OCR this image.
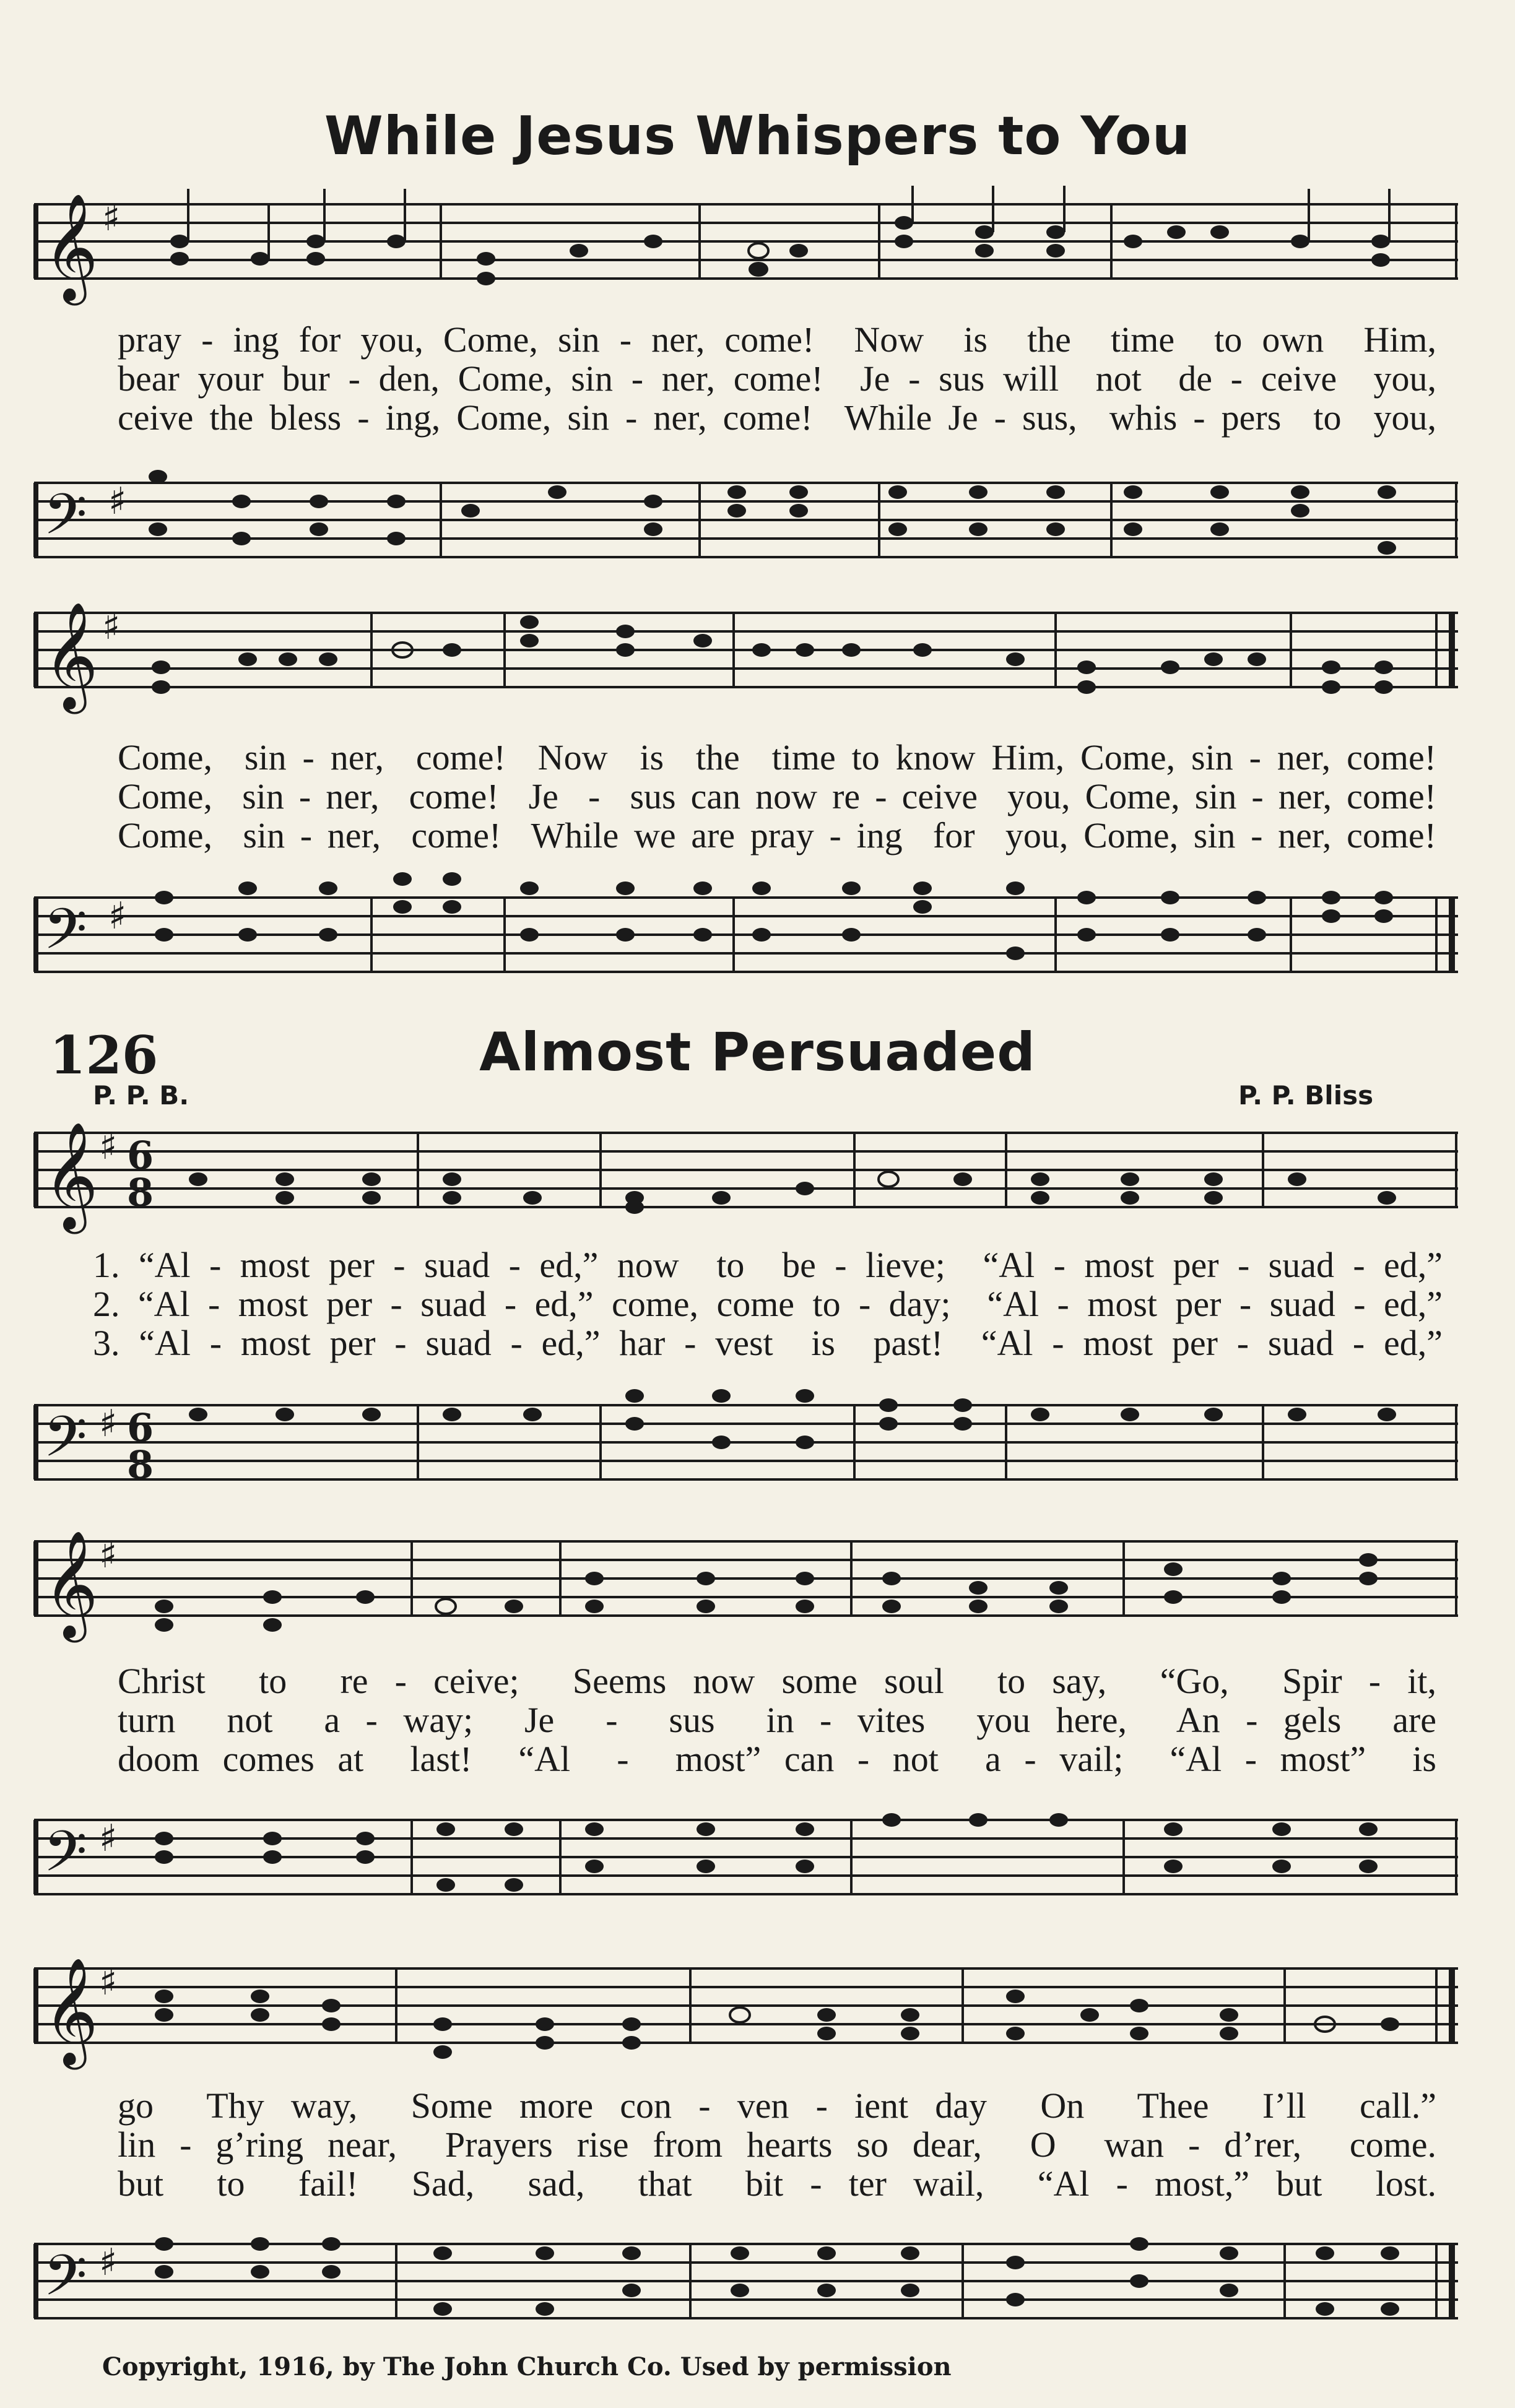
While Jesus Whispers to You
𝄞 ♯
pray - ing for you, Come, sin - ner, come!  Now  is  the  time  to own  Him,
bear your bur - den, Come, sin - ner, come!  Je - sus will  not  de - ceive  you,
ceive the bless - ing, Come, sin - ner, come!  While Je - sus,  whis - pers  to  you,
𝄢 ♯
𝄞 ♯
Come,  sin - ner,  come!  Now  is  the  time to know Him, Come, sin - ner, come!
Come,  sin - ner,  come!  Je  -  sus can now re - ceive  you, Come, sin - ner, come!
Come,  sin - ner,  come!  While we are pray - ing  for  you, Come, sin - ner, come!
𝄢 ♯
126	Almost Persuaded
P. P. B.	P. P. Bliss
𝄞 ♯ 6
8
1. “Al - most per - suad - ed,” now  to  be - lieve;  “Al - most per - suad - ed,”
2. “Al - most per - suad - ed,” come, come to - day;  “Al - most per - suad - ed,”
3. “Al - most per - suad - ed,” har - vest  is  past!  “Al - most per - suad - ed,”
𝄢 ♯ 6
8
𝄞 ♯
Christ  to  re - ceive;  Seems now some soul  to say,  “Go,  Spir - it,
turn  not  a - way;  Je  -  sus  in - vites  you here,  An - gels  are
doom comes at  last!  “Al  -  most” can - not  a - vail;  “Al - most”  is
𝄢 ♯
𝄞 ♯
go  Thy way,  Some more con - ven - ient day  On  Thee  I’ll  call.”
lin - g’ring near,  Prayers rise from hearts so dear,  O  wan - d’rer,  come.
but  to  fail!  Sad,  sad,  that  bit - ter wail,  “Al - most,” but  lost.
𝄢 ♯
Copyright, 1916, by The John Church Co. Used by permission
